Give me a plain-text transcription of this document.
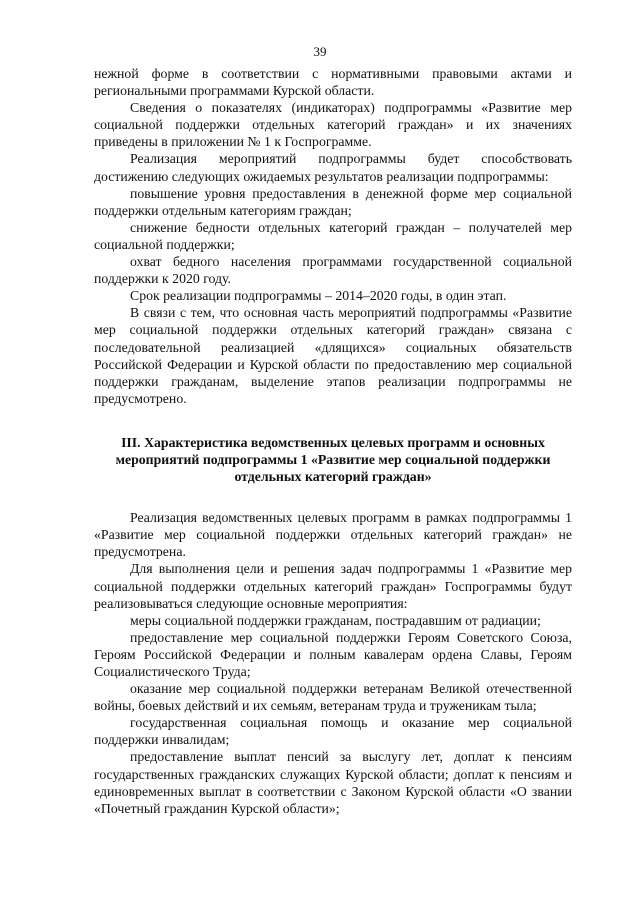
39

нежной форме в соответствии с нормативными правовыми актами и региональными программами Курской области.

Сведения о показателях (индикаторах) подпрограммы «Развитие мер социальной поддержки отдельных категорий граждан» и их значениях приведены в приложении № 1 к Госпрограмме.

Реализация мероприятий подпрограммы будет способствовать достижению следующих ожидаемых результатов реализации подпрограммы:

повышение уровня предоставления в денежной форме мер социальной поддержки отдельным категориям граждан;

снижение бедности отдельных категорий граждан – получателей мер социальной поддержки;

охват бедного населения программами государственной социальной поддержки к 2020 году.

Срок реализации подпрограммы – 2014–2020 годы, в один этап.

В связи с тем, что основная часть мероприятий подпрограммы «Развитие мер социальной поддержки отдельных категорий граждан» связана с последовательной реализацией «длящихся» социальных обязательств Российской Федерации и Курской области по предоставлению мер социальной поддержки гражданам, выделение этапов реализации подпрограммы не предусмотрено.

III. Характеристика ведомственных целевых программ и основных мероприятий подпрограммы 1 «Развитие мер социальной поддержки отдельных категорий граждан»

Реализация ведомственных целевых программ в рамках подпрограммы 1 «Развитие мер социальной поддержки отдельных категорий граждан» не предусмотрена.

Для выполнения цели и решения задач подпрограммы 1 «Развитие мер социальной поддержки отдельных категорий граждан» Госпрограммы будут реализовываться следующие основные мероприятия:

меры социальной поддержки гражданам, пострадавшим от радиации;

предоставление мер социальной поддержки Героям Советского Союза, Героям Российской Федерации и полным кавалерам ордена Славы, Героям Социалистического Труда;

оказание мер социальной поддержки ветеранам Великой отечественной войны, боевых действий и их семьям, ветеранам труда и труженикам тыла;

государственная социальная помощь и оказание мер социальной поддержки инвалидам;

предоставление выплат пенсий за выслугу лет, доплат к пенсиям государственных гражданских служащих Курской области; доплат к пенсиям и единовременных выплат в соответствии с Законом Курской области «О звании «Почетный гражданин Курской области»;
